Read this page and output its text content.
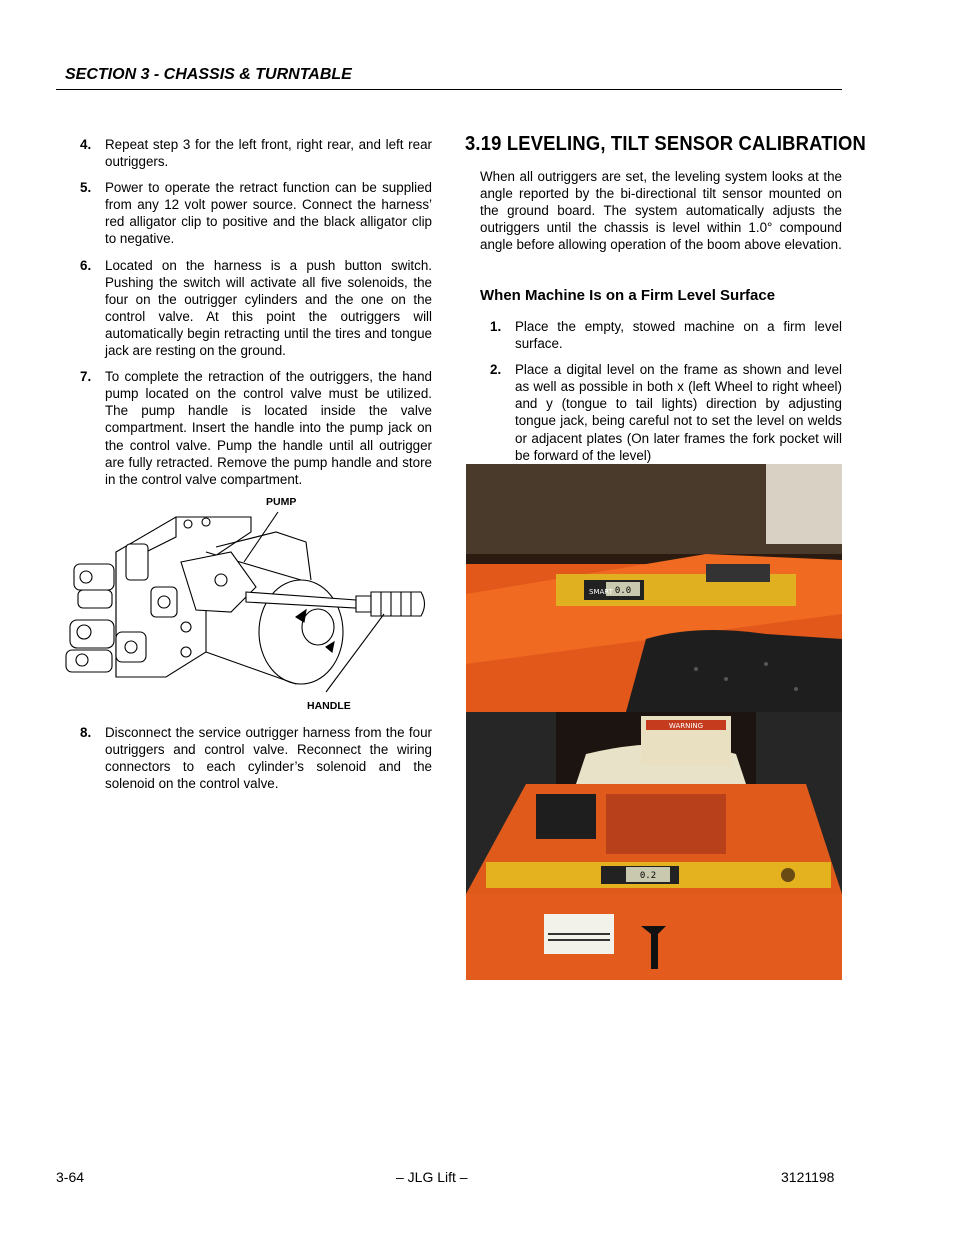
SECTION 3 - CHASSIS & TURNTABLE
4. Repeat step 3 for the left front, right rear, and left rear outriggers.
5. Power to operate the retract function can be supplied from any 12 volt power source. Connect the harness’ red alligator clip to positive and the black alligator clip to negative.
6. Located on the harness is a push button switch. Pushing the switch will activate all five solenoids, the four on the outrigger cylinders and the one on the control valve. At this point the outriggers will automatically begin retracting until the tires and tongue jack are resting on the ground.
7. To complete the retraction of the outriggers, the hand pump located on the control valve must be utilized. The pump handle is located inside the valve compartment. Insert the handle into the pump jack on the control valve. Pump the handle until all outrigger are fully retracted. Remove the pump handle and store in the control valve compartment.
PUMP
HANDLE
8. Disconnect the service outrigger harness from the four outriggers and control valve. Reconnect the wiring connectors to each cylinder’s solenoid and the solenoid on the control valve.
3.19 LEVELING, TILT SENSOR CALIBRATION

When all outriggers are set, the leveling system looks at the angle reported by the bi-directional tilt sensor mounted on the ground board. The system automatically adjusts the outriggers until the chassis is level within 1.0° compound angle before allowing operation of the boom above elevation.

When Machine Is on a Firm Level Surface
1. Place the empty, stowed machine on a firm level surface.
2. Place a digital level on the frame as shown and level as well as possible in both x (left Wheel to right wheel) and y (tongue to tail lights) direction by adjusting tongue jack, being careful not to set the level on welds or adjacent plates (On later frames the fork pocket will be forward of the level)
0.0
SMART
WARNING
0.2
3-64	– JLG Lift –	3121198
